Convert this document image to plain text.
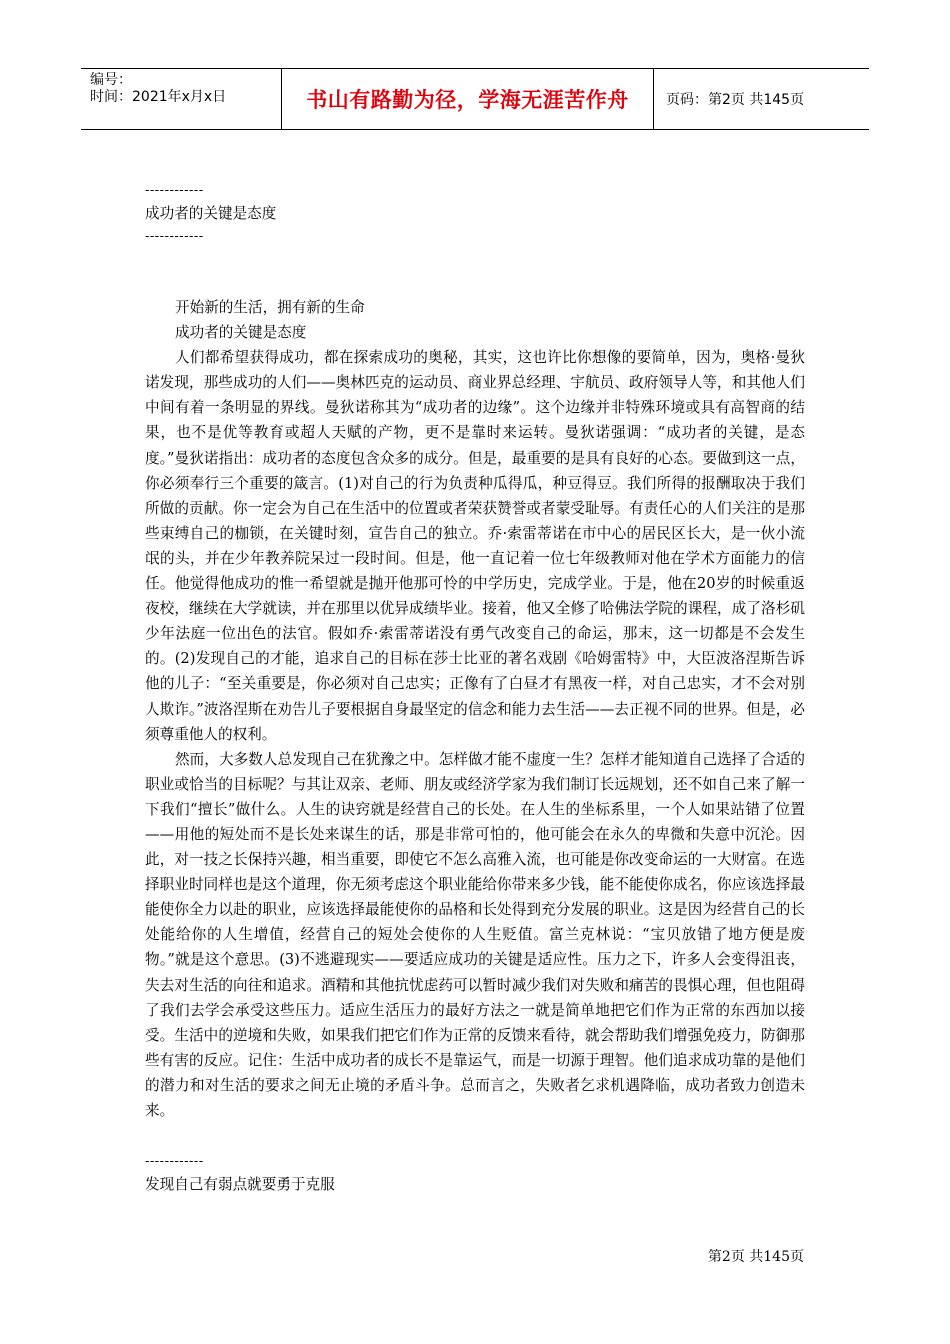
编号：
时间：2021年x月x日	书山有路勤为径，学海无涯苦作舟	页码：第2页 共145页

------------

成功者的关键是态度

------------

开始新的生活，拥有新的生命

成功者的关键是态度

人们都希望获得成功，都在探索成功的奥秘，其实，这也许比你想像的要简单，因为，奥格·曼狄诺发现，那些成功的人们——奥林匹克的运动员、商业界总经理、宇航员、政府领导人等，和其他人们中间有着一条明显的界线。曼狄诺称其为“成功者的边缘”。这个边缘并非特殊环境或具有高智商的结果，也不是优等教育或超人天赋的产物，更不是靠时来运转。曼狄诺强调：“成功者的关键，是态度。”曼狄诺指出：成功者的态度包含众多的成分。但是，最重要的是具有良好的心态。要做到这一点，你必须奉行三个重要的箴言。(1)对自己的行为负责种瓜得瓜，种豆得豆。我们所得的报酬取决于我们所做的贡献。你一定会为自己在生活中的位置或者荣获赞誉或者蒙受耻辱。有责任心的人们关注的是那些束缚自己的枷锁，在关键时刻，宣告自己的独立。乔·索雷蒂诺在市中心的居民区长大，是一伙小流氓的头，并在少年教养院呆过一段时间。但是，他一直记着一位七年级教师对他在学术方面能力的信任。他觉得他成功的惟一希望就是抛开他那可怜的中学历史，完成学业。于是，他在20岁的时候重返夜校，继续在大学就读，并在那里以优异成绩毕业。接着，他又全修了哈佛法学院的课程，成了洛杉矶少年法庭一位出色的法官。假如乔·索雷蒂诺没有勇气改变自己的命运，那末，这一切都是不会发生的。(2)发现自己的才能，追求自己的目标在莎士比亚的著名戏剧《哈姆雷特》中，大臣波洛涅斯告诉他的儿子：“至关重要是，你必须对自己忠实；正像有了白昼才有黑夜一样，对自己忠实，才不会对别人欺诈。”波洛涅斯在劝告儿子要根据自身最坚定的信念和能力去生活——去正视不同的世界。但是，必须尊重他人的权利。

然而，大多数人总发现自己在犹豫之中。怎样做才能不虚度一生？怎样才能知道自己选择了合适的职业或恰当的目标呢？与其让双亲、老师、朋友或经济学家为我们制订长远规划，还不如自己来了解一下我们“擅长”做什么。人生的诀窍就是经营自己的长处。在人生的坐标系里，一个人如果站错了位置——用他的短处而不是长处来谋生的话，那是非常可怕的，他可能会在永久的卑微和失意中沉沦。因此，对一技之长保持兴趣，相当重要，即使它不怎么高雅入流，也可能是你改变命运的一大财富。在选择职业时同样也是这个道理，你无须考虑这个职业能给你带来多少钱，能不能使你成名，你应该选择最能使你全力以赴的职业，应该选择最能使你的品格和长处得到充分发展的职业。这是因为经营自己的长处能给你的人生增值，经营自己的短处会使你的人生贬值。富兰克林说：“宝贝放错了地方便是废物。”就是这个意思。(3)不逃避现实——要适应成功的关键是适应性。压力之下，许多人会变得沮丧，失去对生活的向往和追求。酒精和其他抗忧虑药可以暂时减少我们对失败和痛苦的畏惧心理，但也阻碍了我们去学会承受这些压力。适应生活压力的最好方法之一就是简单地把它们作为正常的东西加以接受。生活中的逆境和失败，如果我们把它们作为正常的反馈来看待，就会帮助我们增强免疫力，防御那些有害的反应。记住：生活中成功者的成长不是靠运气，而是一切源于理智。他们追求成功靠的是他们的潜力和对生活的要求之间无止境的矛盾斗争。总而言之，失败者乞求机遇降临，成功者致力创造未来。

------------

发现自己有弱点就要勇于克服

第2页 共145页
